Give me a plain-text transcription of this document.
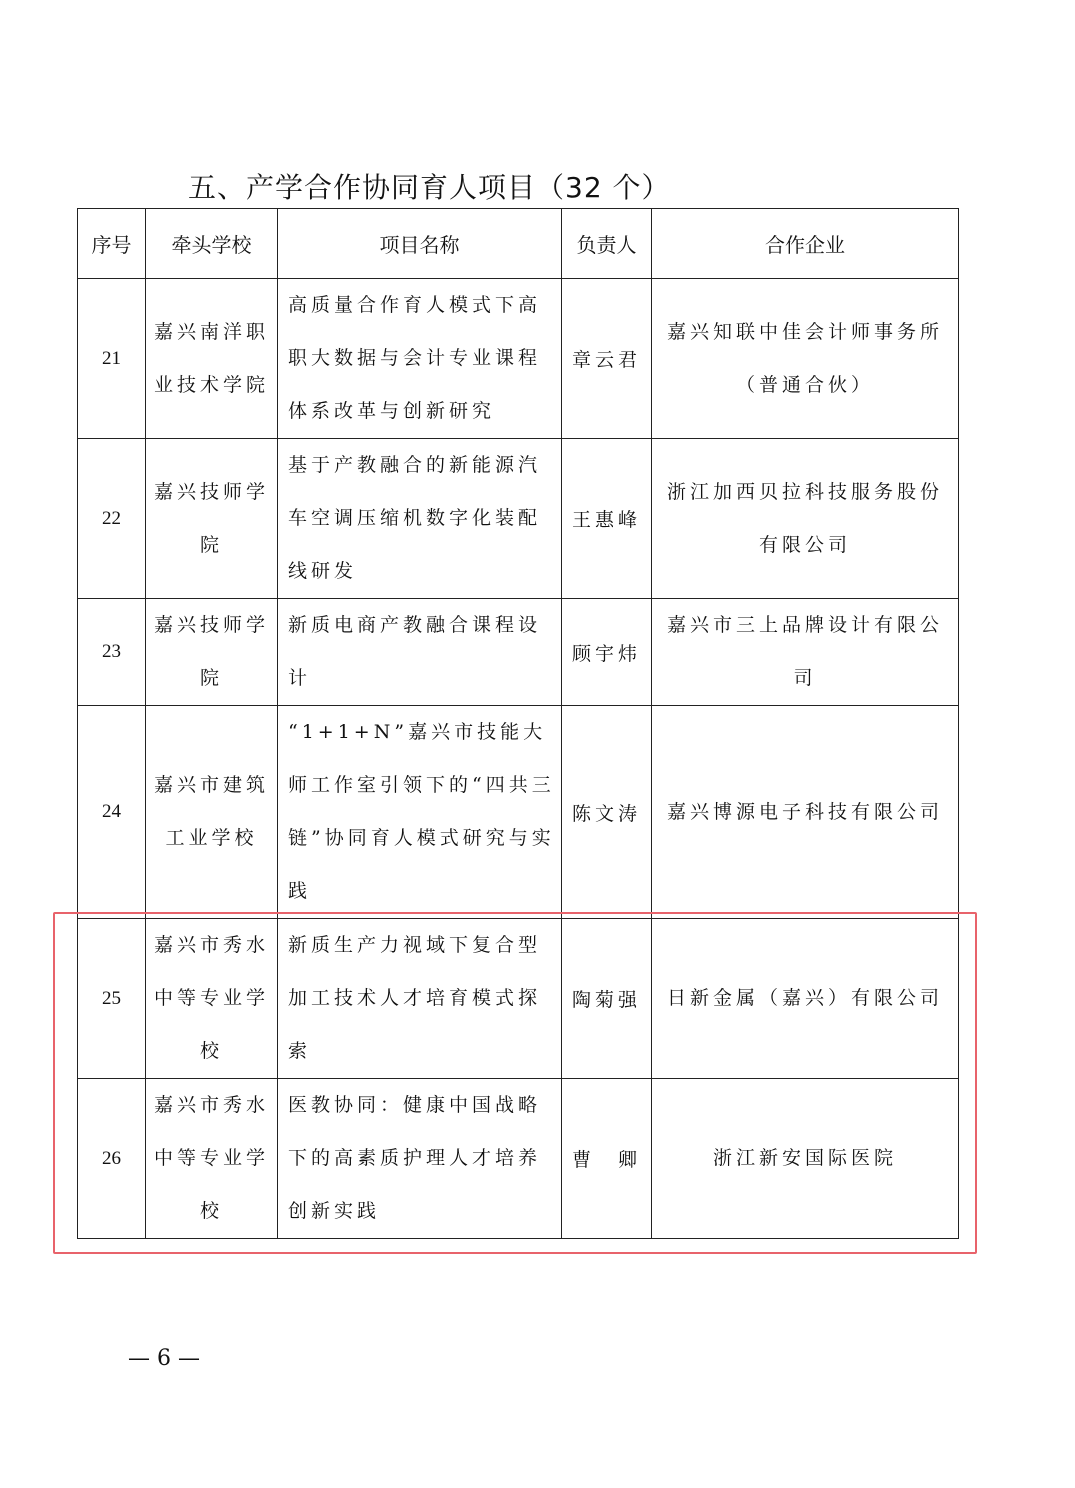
五、产学合作协同育人项目（32 个）
序号	牵头学校	项目名称	负责人	合作企业
21	嘉兴南洋职业技术学院	高质量合作育人模式下高职大数据与会计专业课程体系改革与创新研究	章云君	嘉兴知联中佳会计师事务所（普通合伙）
22	嘉兴技师学院	基于产教融合的新能源汽车空调压缩机数字化装配线研发	王惠峰	浙江加西贝拉科技服务股份有限公司
23	嘉兴技师学院	新质电商产教融合课程设计	顾宇炜	嘉兴市三上品牌设计有限公司
24	嘉兴市建筑工业学校	“1+1+N”嘉兴市技能大师工作室引领下的“四共三链”协同育人模式研究与实践	陈文涛	嘉兴博源电子科技有限公司
25	嘉兴市秀水中等专业学校	新质生产力视域下复合型加工技术人才培育模式探索	陶菊强	日新金属（嘉兴）有限公司
26	嘉兴市秀水中等专业学校	医教协同：健康中国战略下的高素质护理人才培养创新实践	曹　卿	浙江新安国际医院
— 6 —
